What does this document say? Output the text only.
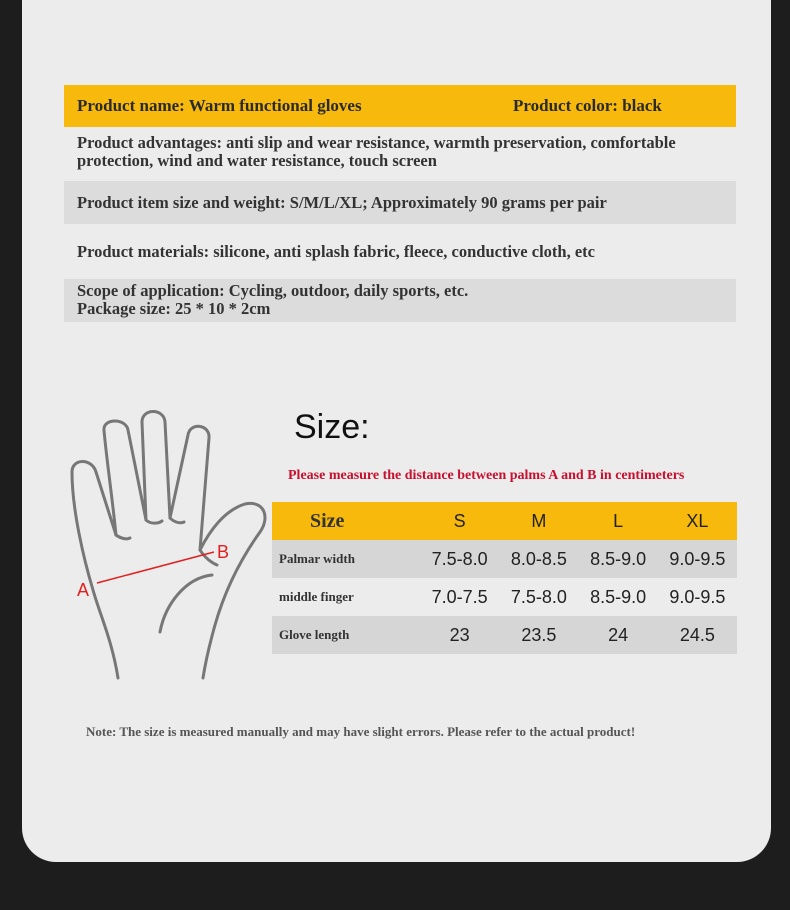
Product name: Warm functional gloves	Product color: black
Product advantages: anti slip and wear resistance, warmth preservation, comfortable protection, wind and water resistance, touch screen
Product item size and weight: S/M/L/XL; Approximately 90 grams per pair
Product materials: silicone, anti splash fabric, fleece, conductive cloth, etc
Scope of application: Cycling, outdoor, daily sports, etc.
Package size: 25 * 10 * 2cm
A
B
Size:
Please measure the distance between palms A and B in centimeters
Size	S	M	L	XL
Palmar width	7.5-8.0	8.0-8.5	8.5-9.0	9.0-9.5
middle finger	7.0-7.5	7.5-8.0	8.5-9.0	9.0-9.5
Glove length	23	23.5	24	24.5
Note: The size is measured manually and may have slight errors. Please refer to the actual product!
